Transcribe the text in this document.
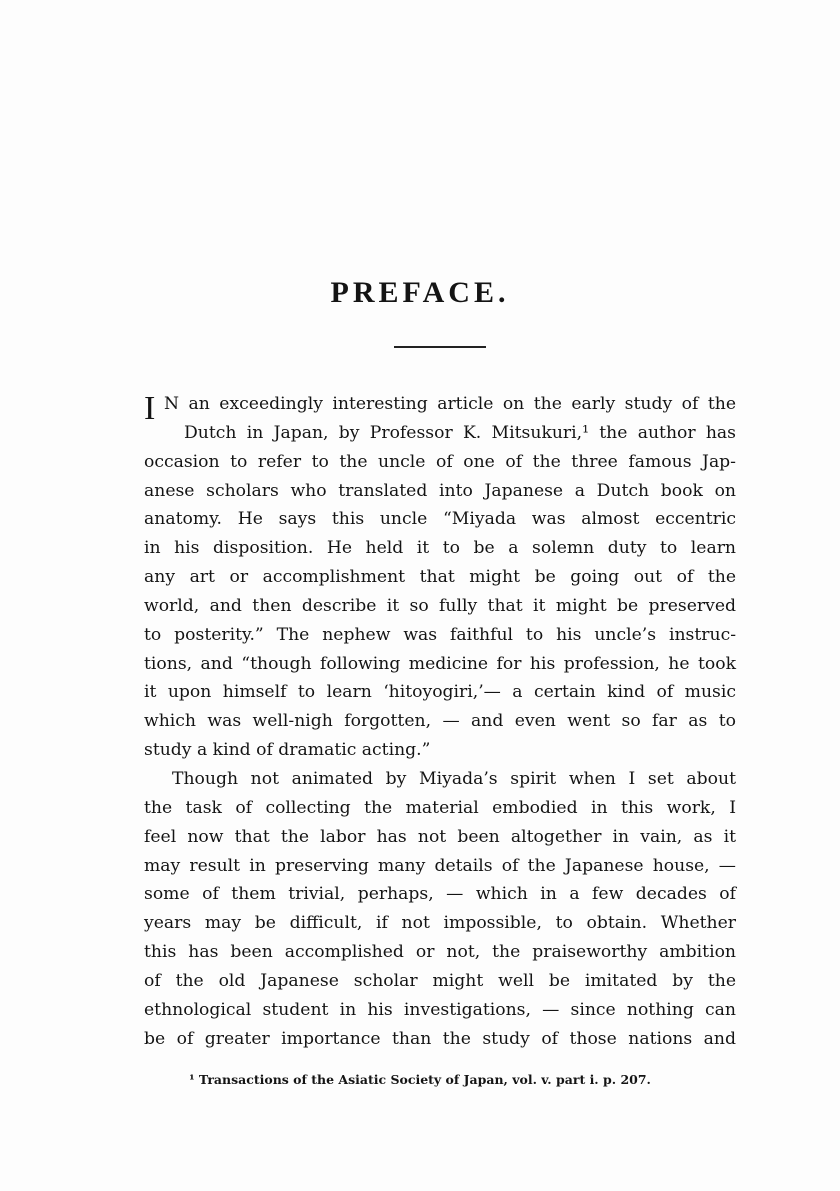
PREFACE.
I N an exceedingly interesting article on the early study of the
Dutch in Japan, by Professor K. Mitsukuri,¹ the author has
occasion to refer to the uncle of one of the three famous Jap-
anese scholars who translated into Japanese a Dutch book on
anatomy. He says this uncle “Miyada was almost eccentric
in his disposition. He held it to be a solemn duty to learn
any art or accomplishment that might be going out of the
world, and then describe it so fully that it might be preserved
to posterity.” The nephew was faithful to his uncle’s instruc-
tions, and “though following medicine for his profession, he took
it upon himself to learn ‘hitoyogiri,’— a certain kind of music
which was well-nigh forgotten, — and even went so far as to
study a kind of dramatic acting.”
Though not animated by Miyada’s spirit when I set about
the task of collecting the material embodied in this work, I
feel now that the labor has not been altogether in vain, as it
may result in preserving many details of the Japanese house, —
some of them trivial, perhaps, — which in a few decades of
years may be difficult, if not impossible, to obtain. Whether
this has been accomplished or not, the praiseworthy ambition
of the old Japanese scholar might well be imitated by the
ethnological student in his investigations, — since nothing can
be of greater importance than the study of those nations and
¹ Transactions of the Asiatic Society of Japan, vol. v. part i. p. 207.
